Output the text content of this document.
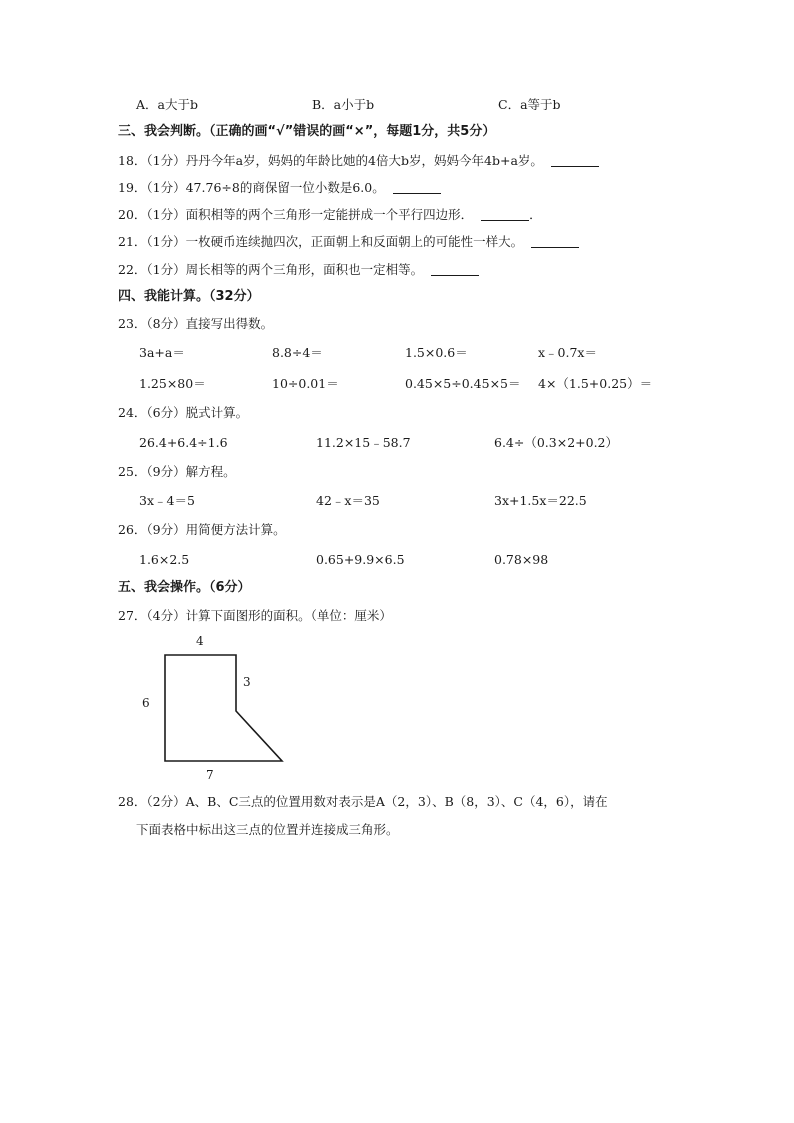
A．a大于b	B．a小于b	C．a等于b
三、我会判断。（正确的画“√”错误的画“×”，每题1分，共5分）
18．（1分）丹丹今年a岁，妈妈的年龄比她的4倍大b岁，妈妈今年4b+a岁。
19．（1分）47.76÷8的商保留一位小数是6.0。
20．（1分）面积相等的两个三角形一定能拼成一个平行四边形．	．
21．（1分）一枚硬币连续抛四次，正面朝上和反面朝上的可能性一样大。
22．（1分）周长相等的两个三角形，面积也一定相等。
四、我能计算。（32分）
23．（8分）直接写出得数。
3a+a＝	8.8÷4＝	1.5×0.6＝	x﹣0.7x＝
1.25×80＝	10÷0.01＝	0.45×5÷0.45×5＝ 4×（1.5+0.25）＝
24．（6分）脱式计算。
26.4+6.4÷1.6	11.2×15﹣58.7	6.4÷（0.3×2+0.2）
25．（9分）解方程。
3x﹣4＝5	42﹣x＝35	3x+1.5x＝22.5
26．（9分）用简便方法计算。
1.6×2.5	0.65+9.9×6.5	0.78×98
五、我会操作。（6分）
27．（4分）计算下面图形的面积。（单位：厘米）
4
3
6
7
28．（2分）A、B、C三点的位置用数对表示是A（2，3）、B（8，3）、C（4，6），请在
下面表格中标出这三点的位置并连接成三角形。
